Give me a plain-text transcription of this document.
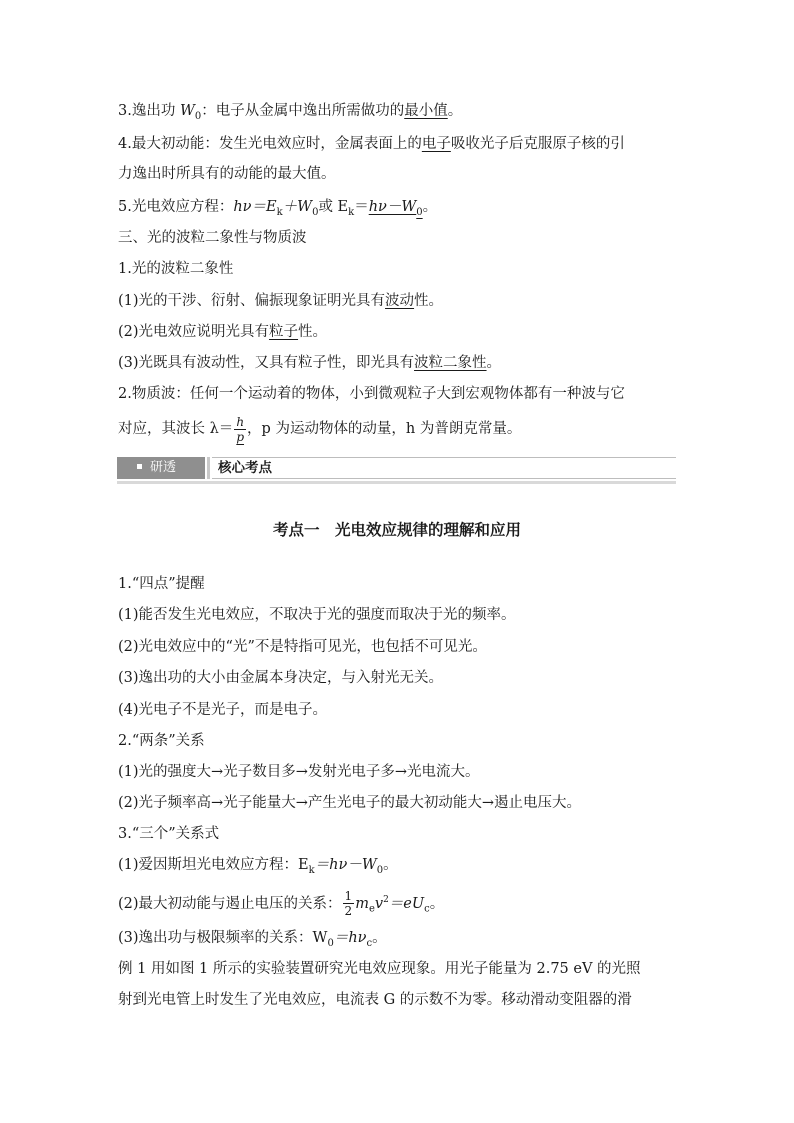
3.逸出功 $W_0$：电子从金属中逸出所需做功的最小值。
4.最大初动能：发生光电效应时，金属表面上的电子吸收光子后克服原子核的引
力逸出时所具有的动能的最大值。
5.光电效应方程：$h\nu=E_k+W_0$或 $E_k=h\nu-W_0$。
三、光的波粒二象性与物质波
1.光的波粒二象性
(1)光的干涉、衍射、偏振现象证明光具有波动性。
(2)光电效应说明光具有粒子性。
(3)光既具有波动性，又具有粒子性，即光具有波粒二象性。
2.物质波：任何一个运动着的物体，小到微观粒子大到宏观物体都有一种波与它
对应，其波长 $\lambda= \frac{h}{p}$ ，p 为运动物体的动量，h 为普朗克常量。
研透	核心考点
考点一　光电效应规律的理解和应用
1.“四点”提醒
(1)能否发生光电效应，不取决于光的强度而取决于光的频率。
(2)光电效应中的“光”不是特指可见光，也包括不可见光。
(3)逸出功的大小由金属本身决定，与入射光无关。
(4)光电子不是光子，而是电子。
2.“两条”关系
(1)光的强度大→光子数目多→发射光电子多→光电流大。
(2)光子频率高→光子能量大→产生光电子的最大初动能大→遏止电压大。
3.“三个”关系式
(1)爱因斯坦光电效应方程：$E_k=h\nu-W_0$。
(2)最大初动能与遏止电压的关系： $\frac{1}{2} m_ev^2=eU_c$。
(3)逸出功与极限频率的关系：$W_0=h\nu_c$。
例 1 用如图 1 所示的实验装置研究光电效应现象。用光子能量为 2.75 eV 的光照
射到光电管上时发生了光电效应，电流表 G 的示数不为零。移动滑动变阻器的滑
